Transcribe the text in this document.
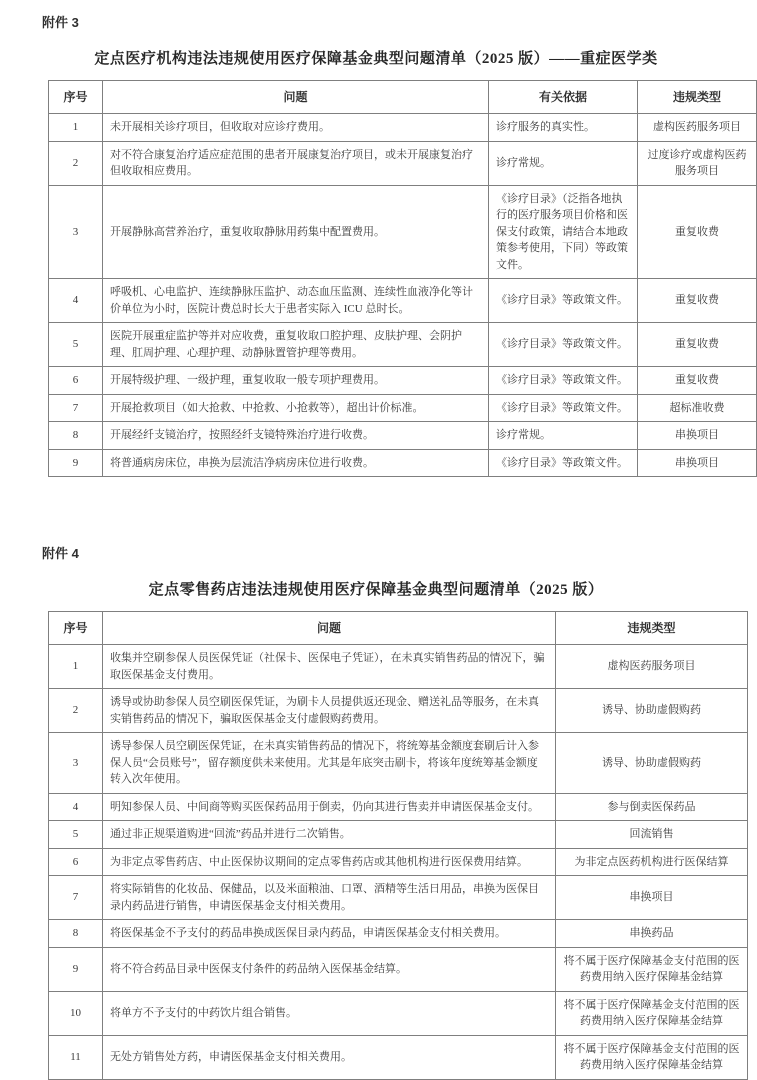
附件 3
定点医疗机构违法违规使用医疗保障基金典型问题清单（2025 版）——重症医学类
序号	问题	有关依据	违规类型
1	未开展相关诊疗项目，但收取对应诊疗费用。	诊疗服务的真实性。	虚构医药服务项目
2	对不符合康复治疗适应症范围的患者开展康复治疗项目，或未开展康复治疗但收取相应费用。	诊疗常规。	过度诊疗或虚构医药服务项目
3	开展静脉高营养治疗，重复收取静脉用药集中配置费用。	《诊疗目录》（泛指各地执行的医疗服务项目价格和医保支付政策，请结合本地政策参考使用，下同）等政策文件。	重复收费
4	呼吸机、心电监护、连续静脉压监护、动态血压监测、连续性血液净化等计价单位为小时，医院计费总时长大于患者实际入 ICU 总时长。	《诊疗目录》等政策文件。	重复收费
5	医院开展重症监护等并对应收费，重复收取口腔护理、皮肤护理、会阴护理、肛周护理、心理护理、动静脉置管护理等费用。	《诊疗目录》等政策文件。	重复收费
6	开展特级护理、一级护理，重复收取一般专项护理费用。	《诊疗目录》等政策文件。	重复收费
7	开展抢救项目（如大抢救、中抢救、小抢救等），超出计价标准。	《诊疗目录》等政策文件。	超标准收费
8	开展经纤支镜治疗，按照经纤支镜特殊治疗进行收费。	诊疗常规。	串换项目
9	将普通病房床位，串换为层流洁净病房床位进行收费。	《诊疗目录》等政策文件。	串换项目
附件 4
定点零售药店违法违规使用医疗保障基金典型问题清单（2025 版）
序号	问题	违规类型
1	收集并空刷参保人员医保凭证（社保卡、医保电子凭证），在未真实销售药品的情况下，骗取医保基金支付费用。	虚构医药服务项目
2	诱导或协助参保人员空刷医保凭证，为刷卡人员提供返还现金、赠送礼品等服务，在未真实销售药品的情况下，骗取医保基金支付虚假购药费用。	诱导、协助虚假购药
3	诱导参保人员空刷医保凭证，在未真实销售药品的情况下，将统筹基金额度套刷后计入参保人员“会员账号”，留存额度供未来使用。尤其是年底突击刷卡，将该年度统筹基金额度转入次年使用。	诱导、协助虚假购药
4	明知参保人员、中间商等购买医保药品用于倒卖，仍向其进行售卖并申请医保基金支付。	参与倒卖医保药品
5	通过非正规渠道购进“回流”药品并进行二次销售。	回流销售
6	为非定点零售药店、中止医保协议期间的定点零售药店或其他机构进行医保费用结算。	为非定点医药机构进行医保结算
7	将实际销售的化妆品、保健品，以及米面粮油、口罩、酒精等生活日用品，串换为医保目录内药品进行销售，申请医保基金支付相关费用。	串换项目
8	将医保基金不予支付的药品串换成医保目录内药品，申请医保基金支付相关费用。	串换药品
9	将不符合药品目录中医保支付条件的药品纳入医保基金结算。	将不属于医疗保障基金支付范围的医药费用纳入医疗保障基金结算
10	将单方不予支付的中药饮片组合销售。	将不属于医疗保障基金支付范围的医药费用纳入医疗保障基金结算
11	无处方销售处方药，申请医保基金支付相关费用。	将不属于医疗保障基金支付范围的医药费用纳入医疗保障基金结算
